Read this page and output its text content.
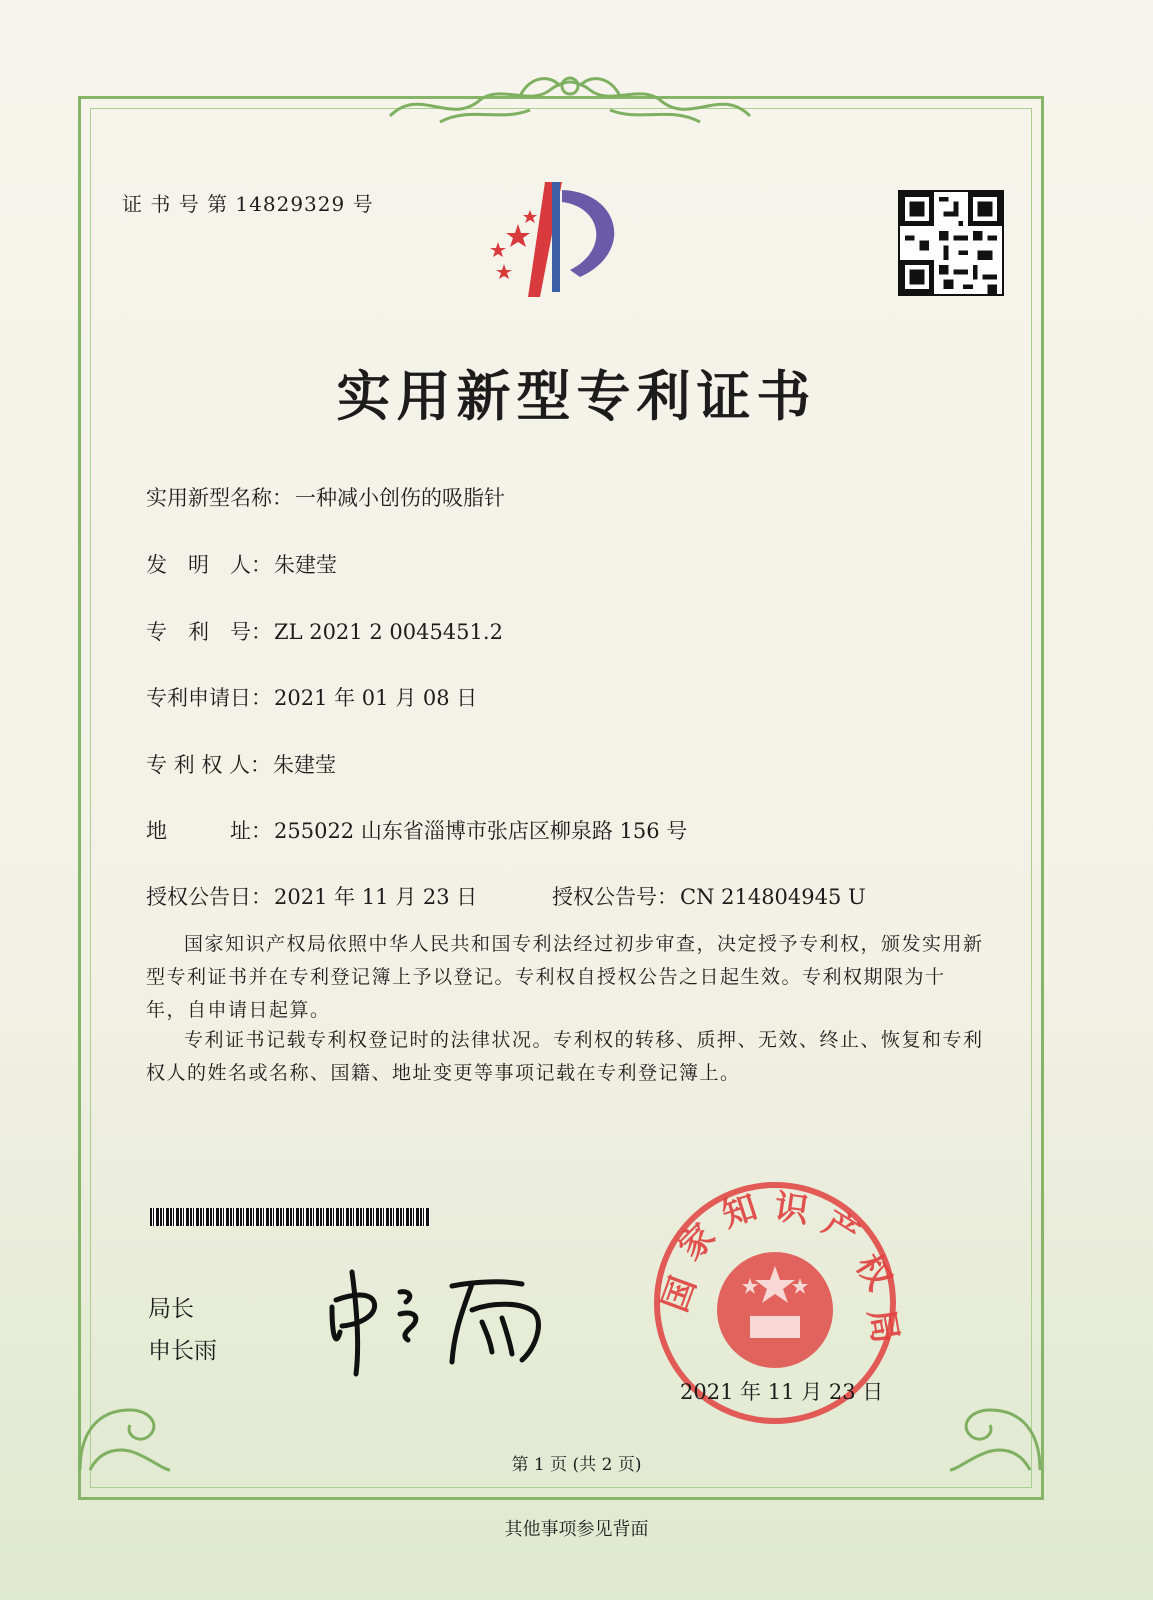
证 书 号 第 14829329 号
实用新型专利证书
实用新型名称：一种减小创伤的吸脂针
发　明　人：朱建莹
专　利　号：ZL 2021 2 0045451.2
专利申请日：2021 年 01 月 08 日
专 利 权 人：朱建莹
地　　　址：255022 山东省淄博市张店区柳泉路 156 号
授权公告日：2021 年 11 月 23 日	授权公告号：CN 214804945 U
国家知识产权局依照中华人民共和国专利法经过初步审查，决定授予专利权，颁发实用新型专利证书并在专利登记簿上予以登记。专利权自授权公告之日起生效。专利权期限为十年，自申请日起算。
专利证书记载专利权登记时的法律状况。专利权的转移、质押、无效、终止、恢复和专利权人的姓名或名称、国籍、地址变更等事项记载在专利登记簿上。
局长
申长雨
国
家
知 识 产
权
局
2021 年 11 月 23 日
第 1 页 (共 2 页)
其他事项参见背面
